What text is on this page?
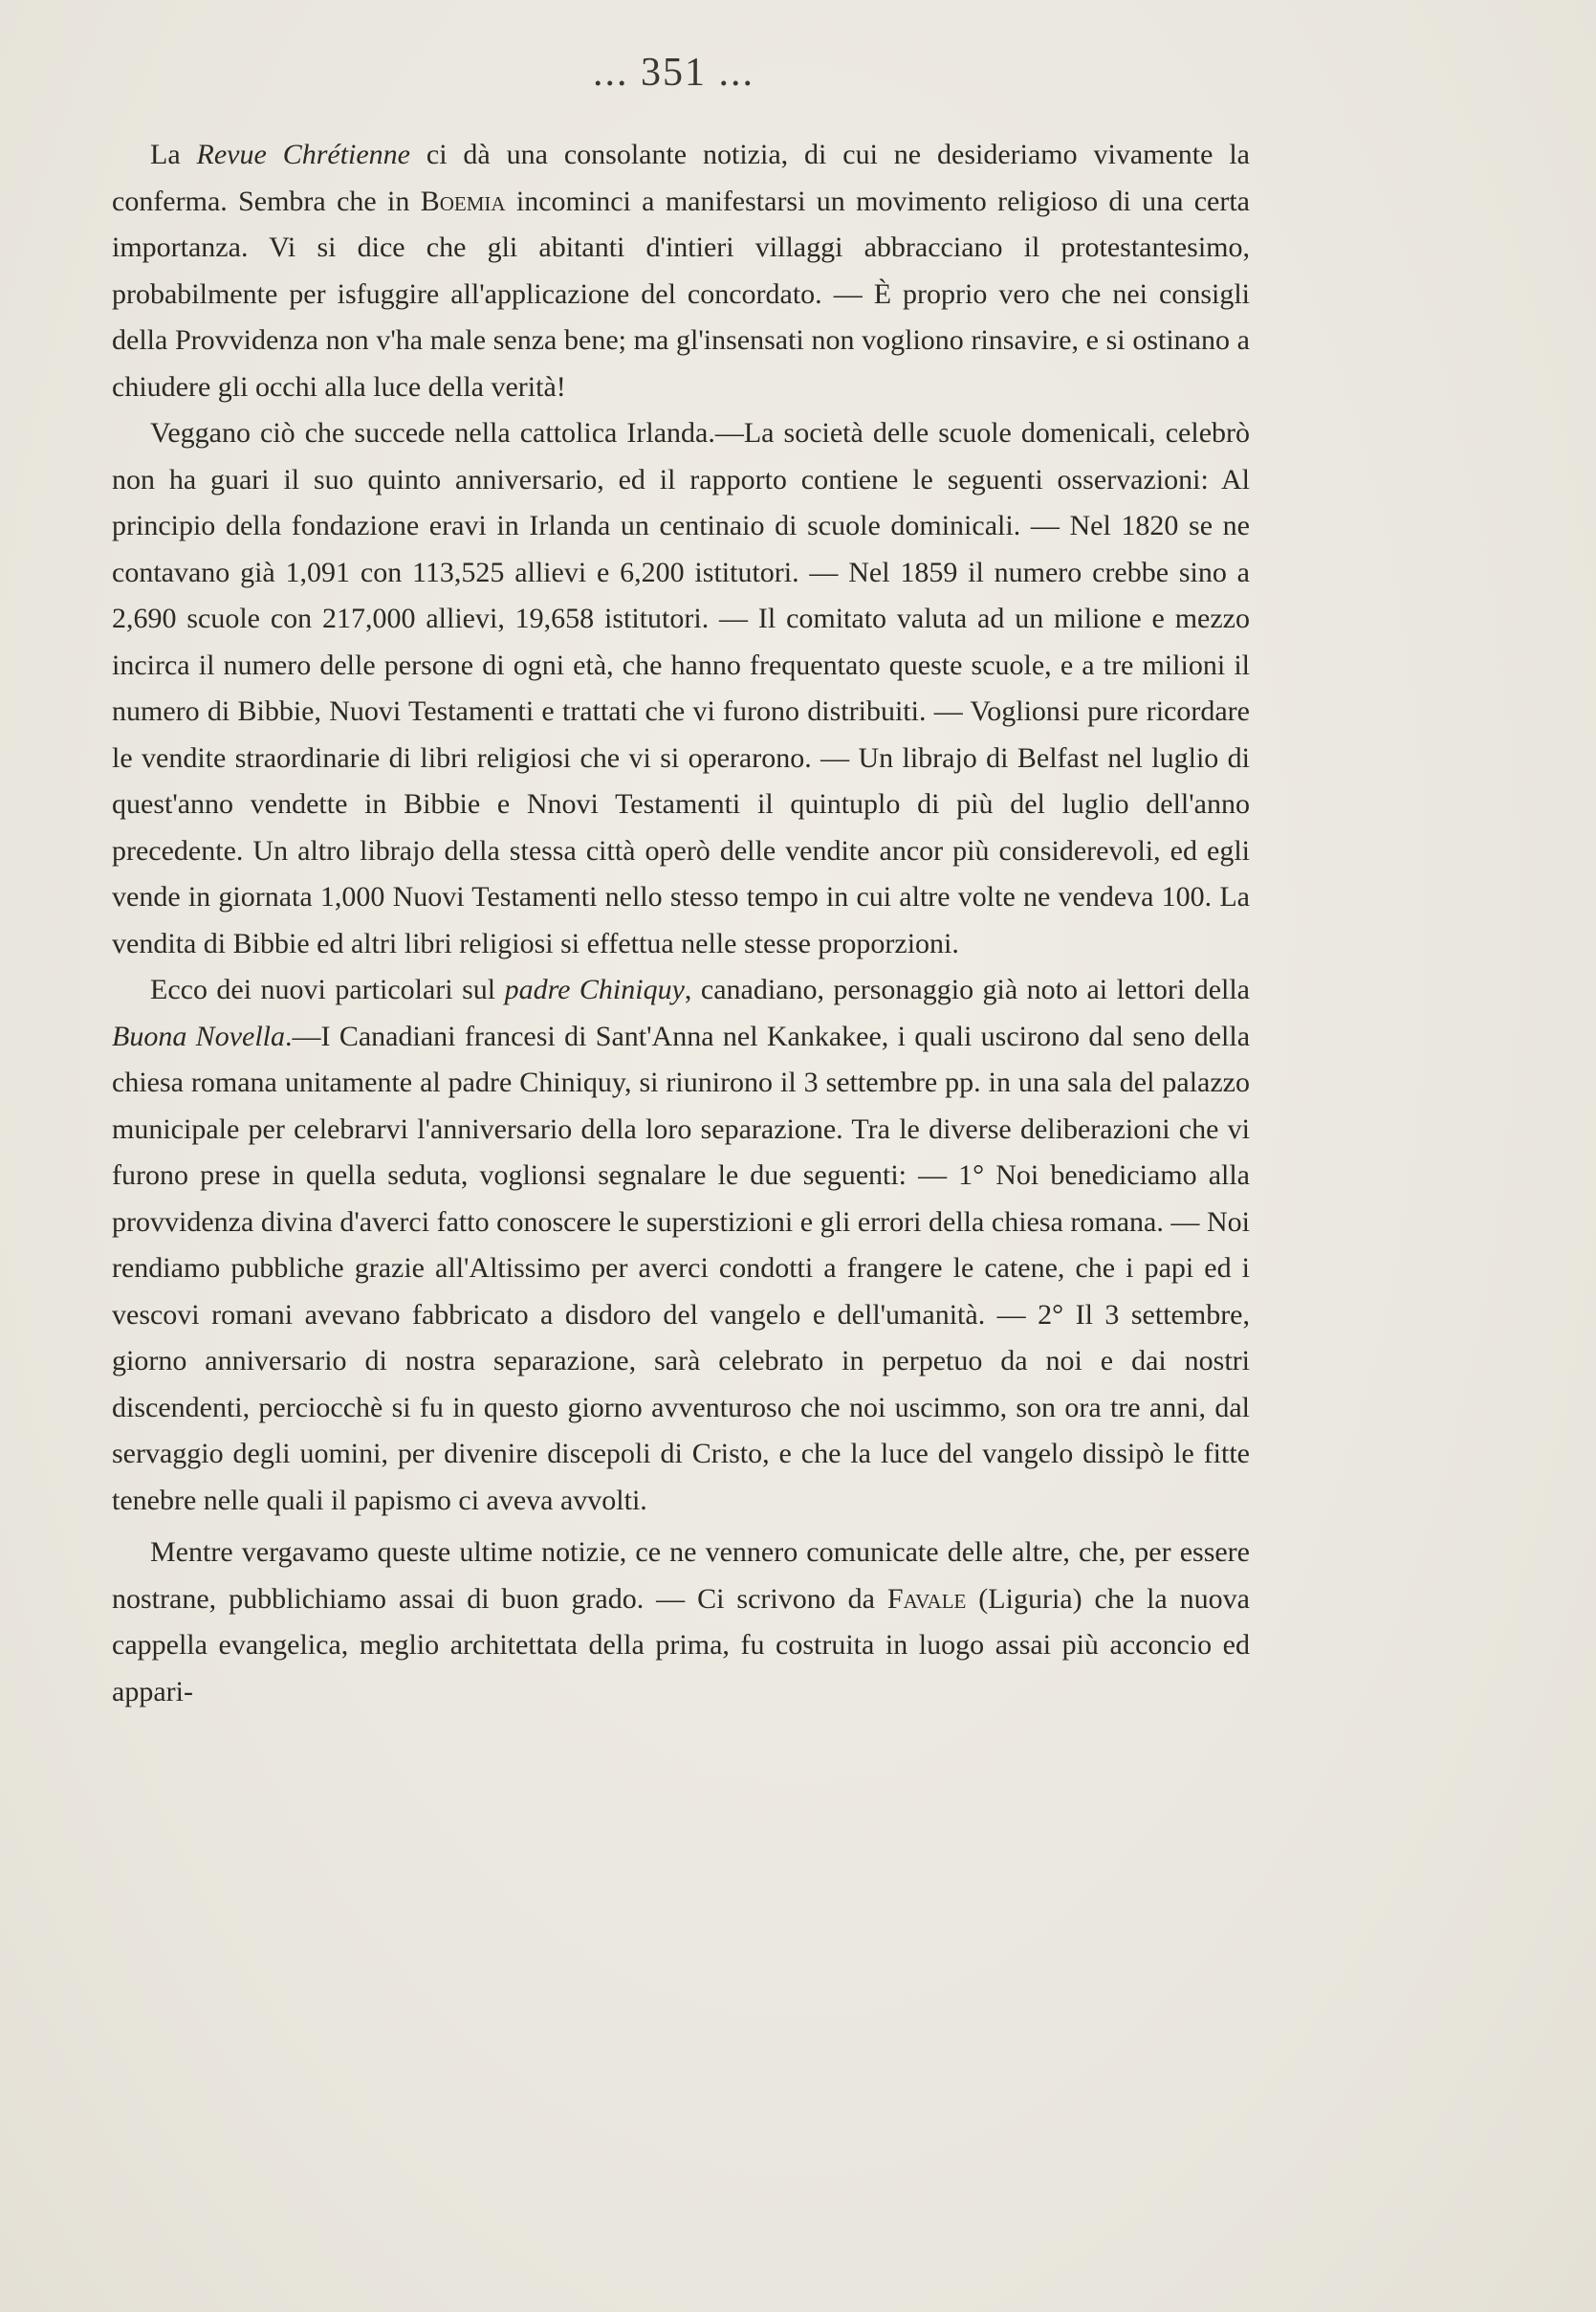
... 351 ...

La Revue Chrétienne ci dà una consolante notizia, di cui ne desideriamo vivamente la conferma. Sembra che in Boemia incominci a manifestarsi un movimento religioso di una certa importanza. Vi si dice che gli abitanti d'intieri villaggi abbracciano il protestantesimo, probabilmente per isfuggire all'applicazione del concordato. — È proprio vero che nei consigli della Provvidenza non v'ha male senza bene; ma gl'insensati non vogliono rinsavire, e si ostinano a chiudere gli occhi alla luce della verità!

Veggano ciò che succede nella cattolica Irlanda.—La società delle scuole domenicali, celebrò non ha guari il suo quinto anniversario, ed il rapporto contiene le seguenti osservazioni: Al principio della fondazione eravi in Irlanda un centinaio di scuole dominicali. — Nel 1820 se ne contavano già 1,091 con 113,525 allievi e 6,200 istitutori. — Nel 1859 il numero crebbe sino a 2,690 scuole con 217,000 allievi, 19,658 istitutori. — Il comitato valuta ad un milione e mezzo incirca il numero delle persone di ogni età, che hanno frequentato queste scuole, e a tre milioni il numero di Bibbie, Nuovi Testamenti e trattati che vi furono distribuiti. — Voglionsi pure ricordare le vendite straordinarie di libri religiosi che vi si operarono. — Un librajo di Belfast nel luglio di quest'anno vendette in Bibbie e Nnovi Testamenti il quintuplo di più del luglio dell'anno precedente. Un altro librajo della stessa città operò delle vendite ancor più considerevoli, ed egli vende in giornata 1,000 Nuovi Testamenti nello stesso tempo in cui altre volte ne vendeva 100. La vendita di Bibbie ed altri libri religiosi si effettua nelle stesse proporzioni.

Ecco dei nuovi particolari sul padre Chiniquy, canadiano, personaggio già noto ai lettori della Buona Novella.—I Canadiani francesi di Sant'Anna nel Kankakee, i quali uscirono dal seno della chiesa romana unitamente al padre Chiniquy, si riunirono il 3 settembre pp. in una sala del palazzo municipale per celebrarvi l'anniversario della loro separazione. Tra le diverse deliberazioni che vi furono prese in quella seduta, voglionsi segnalare le due seguenti: — 1° Noi benediciamo alla provvidenza divina d'averci fatto conoscere le superstizioni e gli errori della chiesa romana. — Noi rendiamo pubbliche grazie all'Altissimo per averci condotti a frangere le catene, che i papi ed i vescovi romani avevano fabbricato a disdoro del vangelo e dell'umanità. — 2° Il 3 settembre, giorno anniversario di nostra separazione, sarà celebrato in perpetuo da noi e dai nostri discendenti, perciocchè si fu in questo giorno avventuroso che noi uscimmo, son ora tre anni, dal servaggio degli uomini, per divenire discepoli di Cristo, e che la luce del vangelo dissipò le fitte tenebre nelle quali il papismo ci aveva avvolti.

Mentre vergavamo queste ultime notizie, ce ne vennero comunicate delle altre, che, per essere nostrane, pubblichiamo assai di buon grado. — Ci scrivono da Favale (Liguria) che la nuova cappella evangelica, meglio architettata della prima, fu costruita in luogo assai più acconcio ed appari-
